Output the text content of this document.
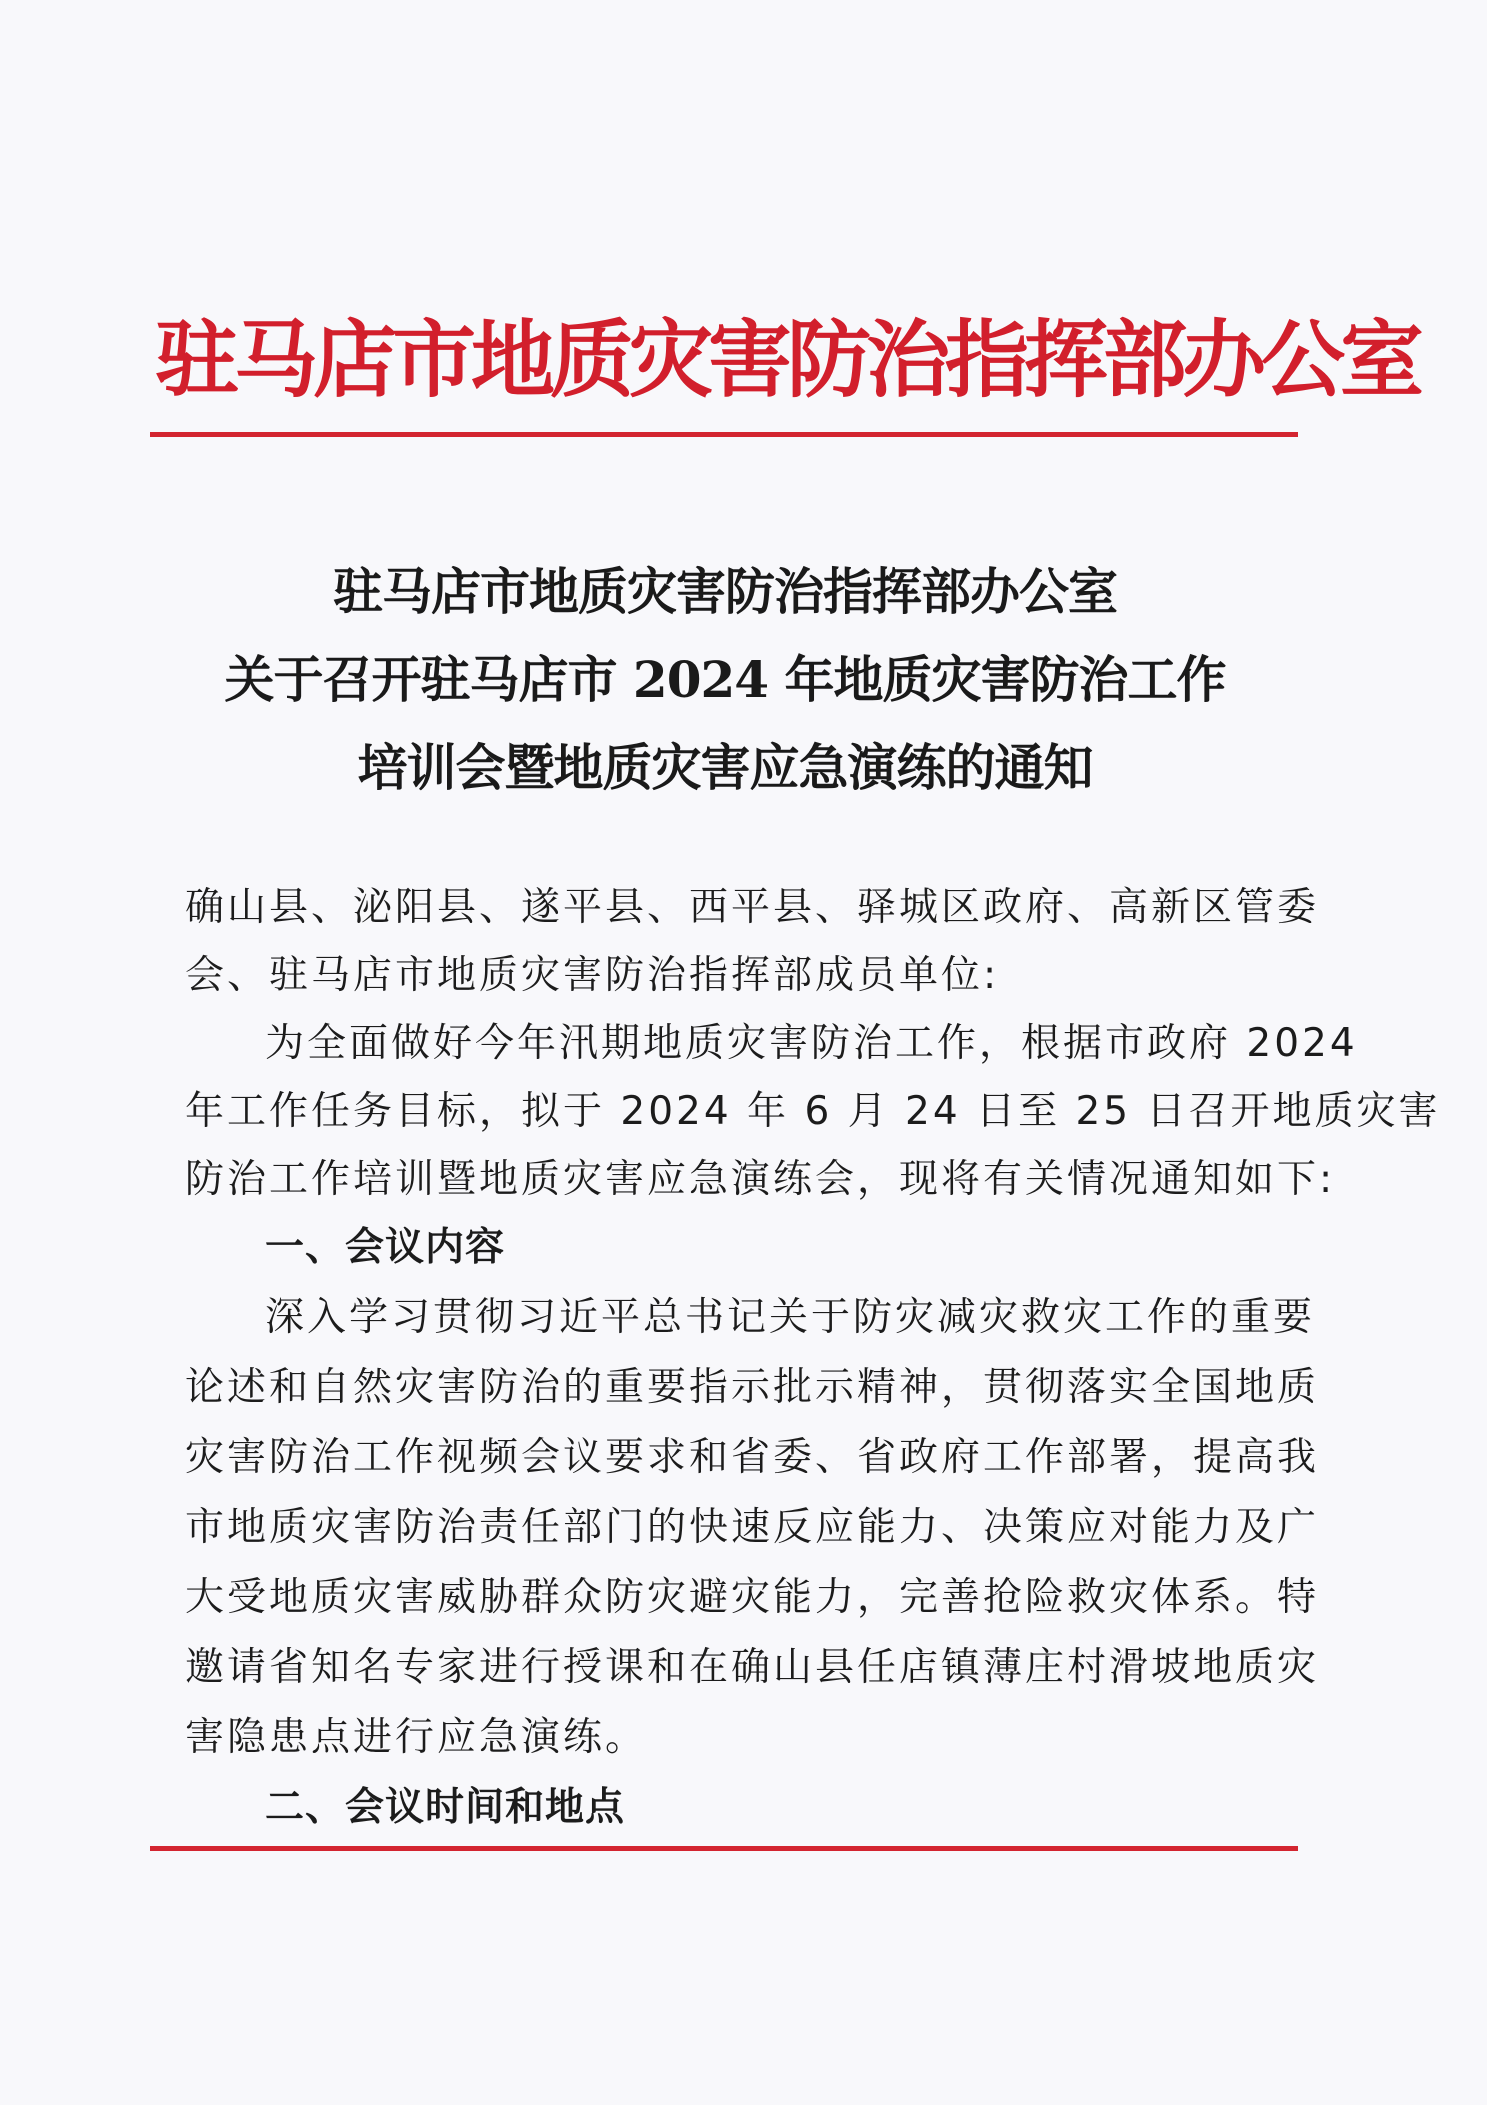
驻马店市地质灾害防治指挥部办公室
驻马店市地质灾害防治指挥部办公室
关于召开驻马店市 2024 年地质灾害防治工作
培训会暨地质灾害应急演练的通知
确山县、泌阳县、遂平县、西平县、驿城区政府、高新区管委
会、驻马店市地质灾害防治指挥部成员单位:
为全面做好今年汛期地质灾害防治工作，根据市政府 2024
年工作任务目标，拟于 2024 年 6 月 24 日至 25 日召开地质灾害
防治工作培训暨地质灾害应急演练会，现将有关情况通知如下:
一、会议内容
深入学习贯彻习近平总书记关于防灾减灾救灾工作的重要
论述和自然灾害防治的重要指示批示精神，贯彻落实全国地质
灾害防治工作视频会议要求和省委、省政府工作部署，提高我
市地质灾害防治责任部门的快速反应能力、决策应对能力及广
大受地质灾害威胁群众防灾避灾能力，完善抢险救灾体系。特
邀请省知名专家进行授课和在确山县任店镇薄庄村滑坡地质灾
害隐患点进行应急演练。
二、会议时间和地点
